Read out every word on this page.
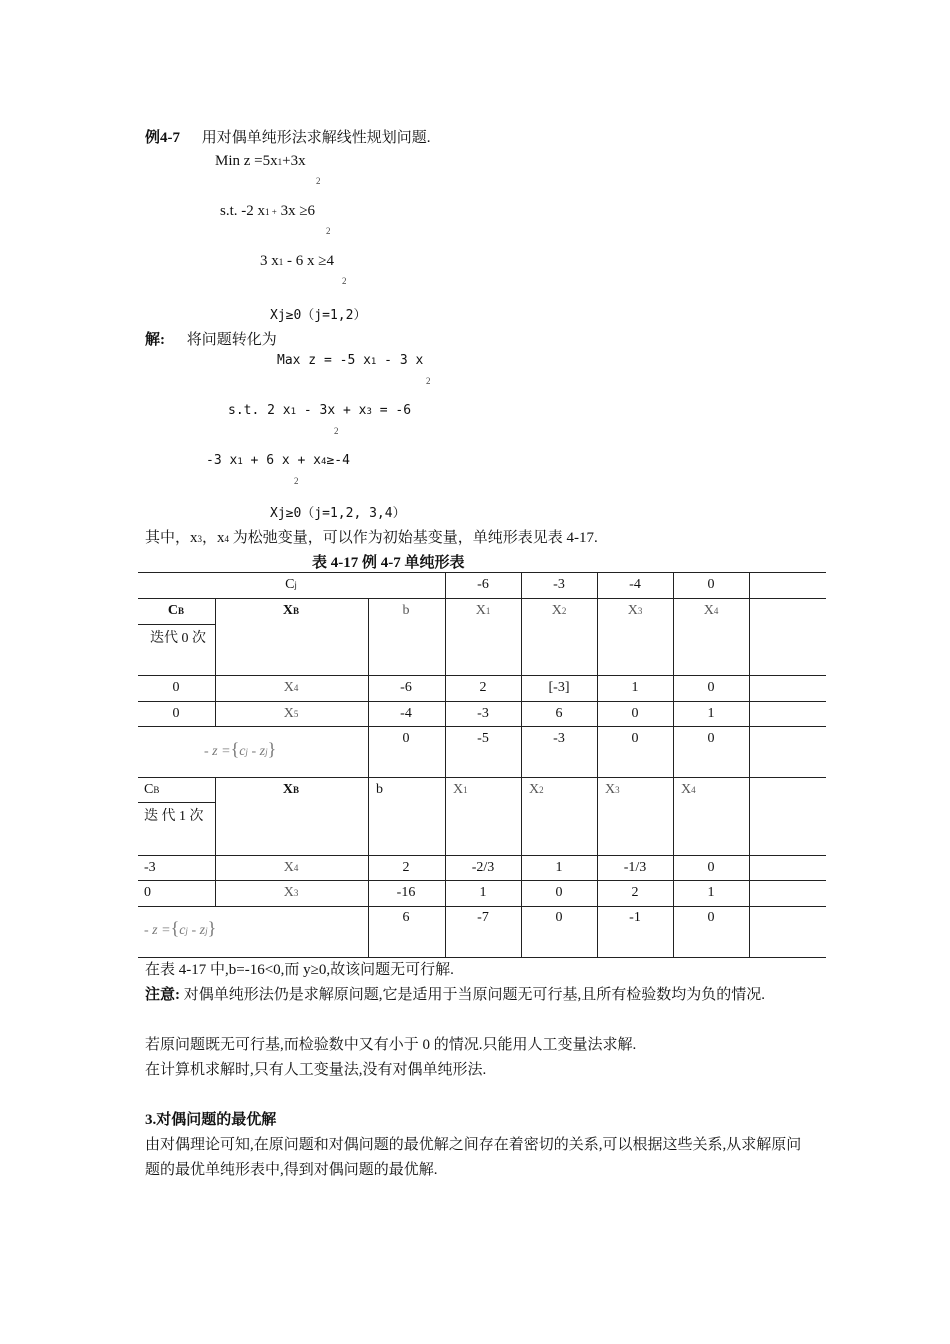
例4-7 用对偶单纯形法求解线性规划问题.
Min z =5x1+3x
2
s.t. -2 x1 + 3x ≥6
2
3 x1 - 6 x ≥4
2
Xj≥0（j=1,2）
解: 将问题转化为
Max z = -5 x1 - 3 x
2
s.t. 2 x1 - 3x + x3 = -6
2
-3 x1 + 6 x + x4≥-4
2
Xj≥0（j=1,2, 3,4）
其中，x3，x4 为松弛变量，可以作为初始基变量，单纯形表见表 4-17.
表 4-17 例 4-7 单纯形表
Cj	-6	-3	-4	0
CB	XB	b	X1	X2	X3	X4
迭代 0 次
0	X4	-6	2	[-3]	1	0
0	X5	-4	-3	6	0	1
- z ={cj - zj}
0	-5	-3	0	0
CB	XB	b	X1	X2	X3	X4
迭 代 1 次
-3	X4	2	-2/3	1	-1/3	0
0	X3	-16	1	0	2	1
- z ={cj - zj}
6	-7	0	-1	0
在表 4-17 中,b=-16<0,而 y≥0,故该问题无可行解.
注意: 对偶单纯形法仍是求解原问题,它是适用于当原问题无可行基,且所有检验数均为负的情况.
若原问题既无可行基,而检验数中又有小于 0 的情况.只能用人工变量法求解.
在计算机求解时,只有人工变量法,没有对偶单纯形法.
3.对偶问题的最优解
由对偶理论可知,在原问题和对偶问题的最优解之间存在着密切的关系,可以根据这些关系,从求解原问题的最优单纯形表中,得到对偶问题的最优解.
